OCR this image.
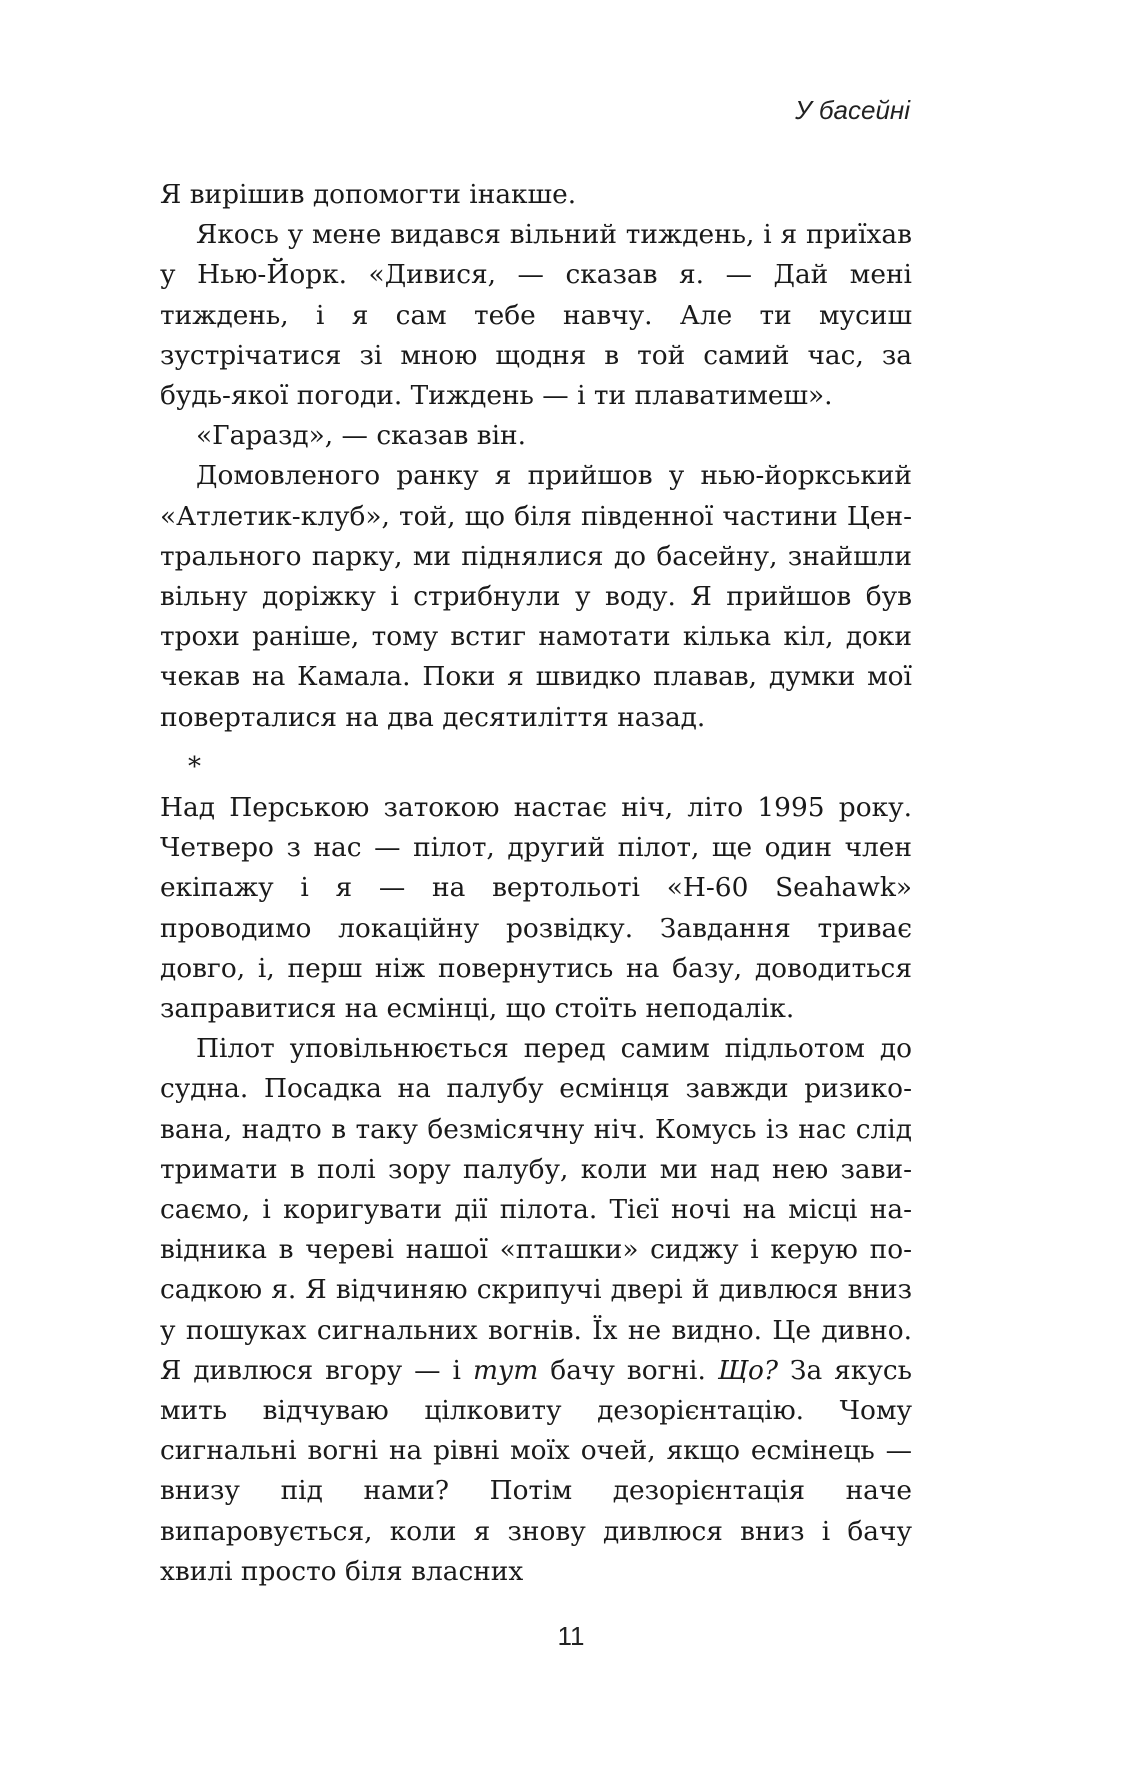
У басейні

Я вирішив допомогти інакше.

Якось у мене видався вільний тиждень, і я приїхав у Нью-Йорк. «Дивися, — сказав я. — Дай мені тиждень, і я сам тебе навчу. Але ти мусиш зустрічатися зі мною щодня в той самий час, за будь-якої погоди. Тиждень — і ти плаватимеш».

«Гаразд», — сказав він.

Домовленого ранку я прийшов у нью-йоркський «Атлетик-клуб», той, що біля південної частини Центрального парку, ми піднялися до басейну, знайшли вільну доріжку і стрибнули у воду. Я прийшов був трохи раніше, тому встиг намотати кілька кіл, доки чекав на Камала. Поки я швидко плавав, думки мої поверталися на два десятиліття назад.

*

Над Перською затокою настає ніч, літо 1995 року. Четверо з нас — пілот, другий пілот, ще один член екіпажу і я — на вертольоті «H-60 Seahawk» проводимо локаційну розвідку. Завдання триває довго, і, перш ніж повернутись на базу, доводиться заправитися на есмінці, що стоїть неподалік.

Пілот уповільнюється перед самим підльотом до судна. Посадка на палубу есмінця завжди ризикована, надто в таку безмісячну ніч. Комусь із нас слід тримати в полі зору палубу, коли ми над нею зависаємо, і коригувати дії пілота. Тієї ночі на місці навідника в череві нашої «пташки» сиджу і керую посадкою я. Я відчиняю скрипучі двері й дивлюся вниз у пошуках сигнальних вогнів. Їх не видно. Це дивно. Я дивлюся вгору — і тут бачу вогні. Що? За якусь мить відчуваю цілковиту дезорієнтацію. Чому сигнальні вогні на рівні моїх очей, якщо есмінець — внизу під нами? Потім дезорієнтація наче випаровується, коли я знову дивлюся вниз і бачу хвилі просто біля власних

11
